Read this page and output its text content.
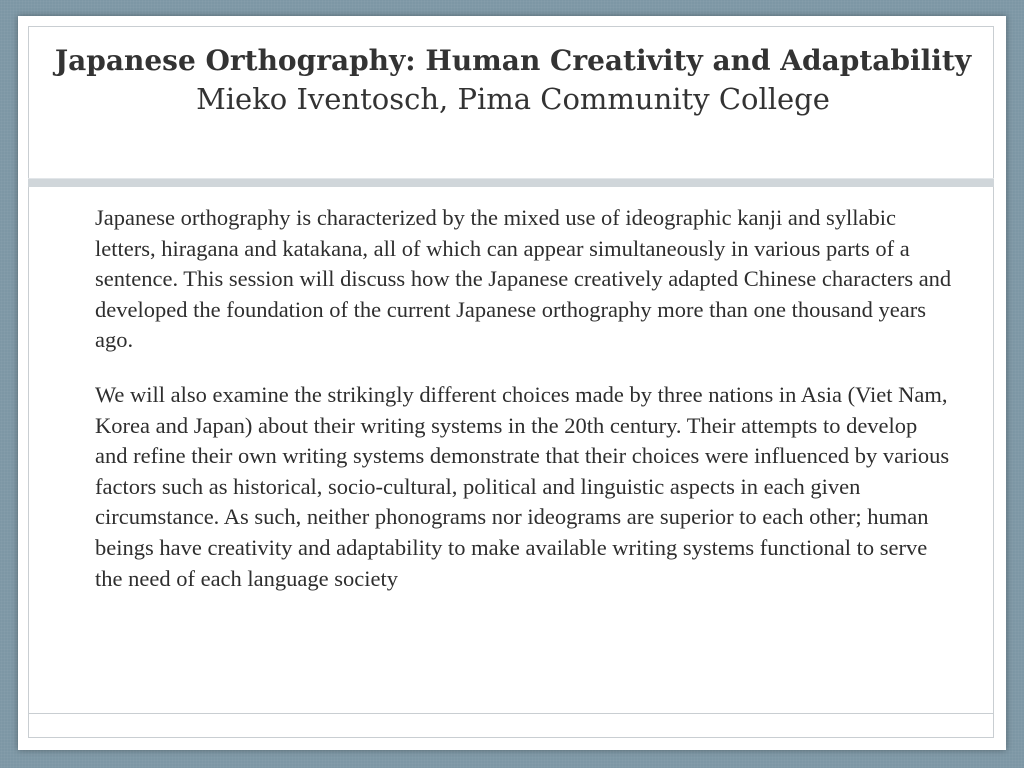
Japanese Orthography: Human Creativity and Adaptability

Mieko Iventosch, Pima Community College

Japanese orthography is characterized by the mixed use of ideographic kanji and syllabic letters, hiragana and katakana, all of which can appear simultaneously in various parts of a sentence. This session will discuss how the Japanese creatively adapted Chinese characters and developed the foundation of the current Japanese orthography more than one thousand years ago.

We will also examine the strikingly different choices made by three nations in Asia (Viet Nam, Korea and Japan) about their writing systems in the 20th century. Their attempts to develop and refine their own writing systems demonstrate that their choices were influenced by various factors such as historical, socio-cultural, political and linguistic aspects in each given circumstance. As such, neither phonograms nor ideograms are superior to each other; human beings have creativity and adaptability to make available writing systems functional to serve the need of each language society
